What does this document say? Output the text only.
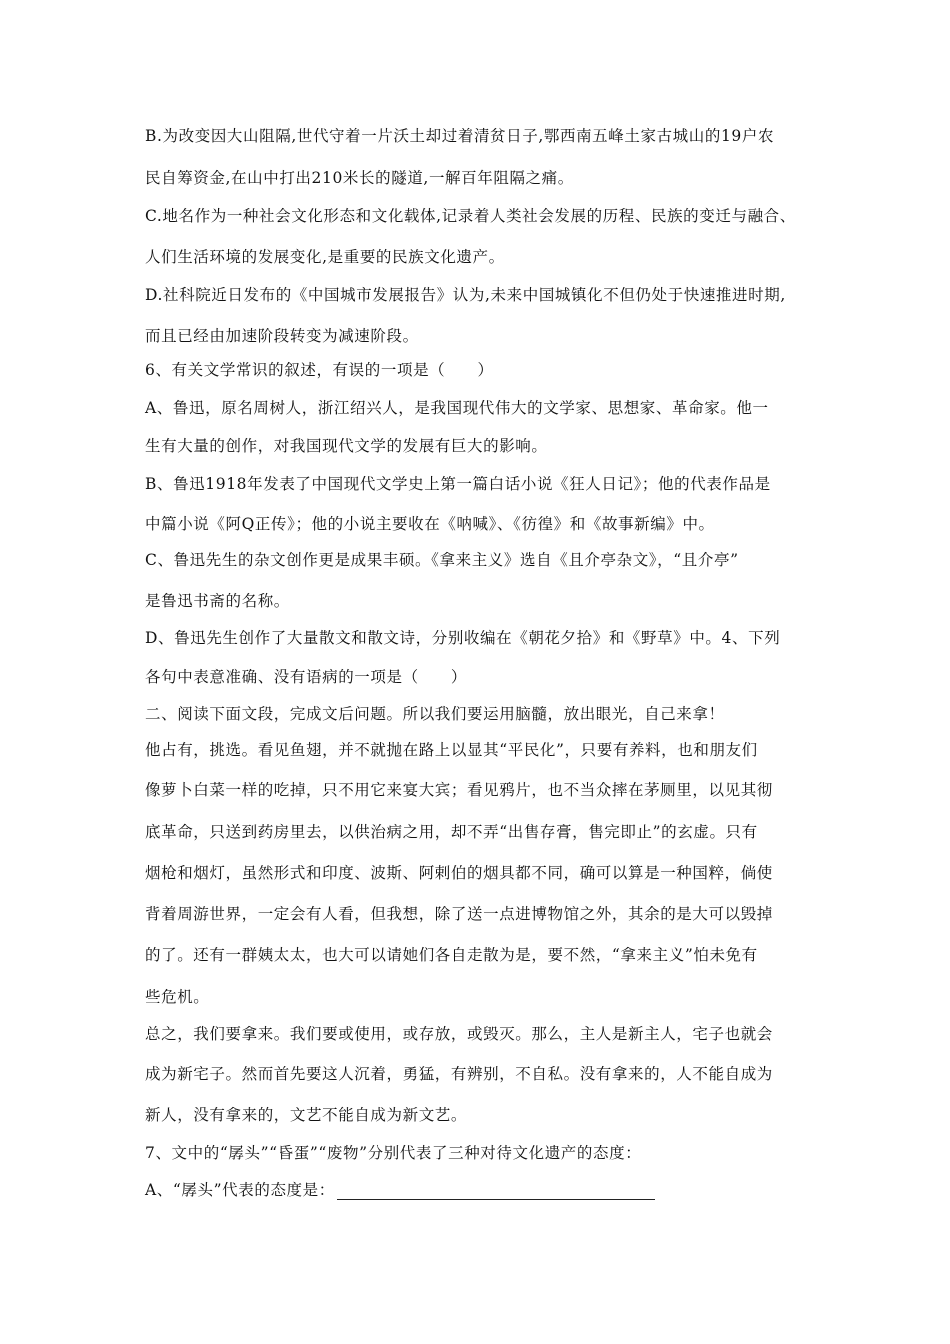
B.为改变因大山阻隔,世代守着一片沃土却过着清贫日子,鄂西南五峰土家古城山的19户农
民自筹资金,在山中打出210米长的隧道,一解百年阻隔之痛。
C.地名作为一种社会文化形态和文化载体,记录着人类社会发展的历程、民族的变迁与融合、
人们生活环境的发展变化,是重要的民族文化遗产。
D.社科院近日发布的《中国城市发展报告》认为,未来中国城镇化不但仍处于快速推进时期,
而且已经由加速阶段转变为减速阶段。
6、有关文学常识的叙述，有误的一项是（　　）
A、鲁迅，原名周树人，浙江绍兴人，是我国现代伟大的文学家、思想家、革命家。他一
生有大量的创作，对我国现代文学的发展有巨大的影响。
B、鲁迅1918年发表了中国现代文学史上第一篇白话小说《狂人日记》；他的代表作品是
中篇小说《阿Q正传》；他的小说主要收在《呐喊》、《彷徨》和《故事新编》中。
C、鲁迅先生的杂文创作更是成果丰硕。《拿来主义》选自《且介亭杂文》，“且介亭”
是鲁迅书斋的名称。
D、鲁迅先生创作了大量散文和散文诗，分别收编在《朝花夕拾》和《野草》中。4、下列
各句中表意准确、没有语病的一项是（　　）
二、阅读下面文段，完成文后问题。所以我们要运用脑髓，放出眼光，自己来拿！
他占有，挑选。看见鱼翅，并不就抛在路上以显其“平民化”，只要有养料，也和朋友们
像萝卜白菜一样的吃掉，只不用它来宴大宾；看见鸦片，也不当众摔在茅厕里，以见其彻
底革命，只送到药房里去，以供治病之用，却不弄“出售存膏，售完即止”的玄虚。只有
烟枪和烟灯，虽然形式和印度、波斯、阿剌伯的烟具都不同，确可以算是一种国粹，倘使
背着周游世界，一定会有人看，但我想，除了送一点进博物馆之外，其余的是大可以毁掉
的了。还有一群姨太太，也大可以请她们各自走散为是，要不然，“拿来主义”怕未免有
些危机。
总之，我们要拿来。我们要或使用，或存放，或毁灭。那么，主人是新主人，宅子也就会
成为新宅子。然而首先要这人沉着，勇猛，有辨别，不自私。没有拿来的，人不能自成为
新人，没有拿来的，文艺不能自成为新文艺。
7、文中的“孱头”“昏蛋”“废物”分别代表了三种对待文化遗产的态度：
A、“孱头”代表的态度是：
